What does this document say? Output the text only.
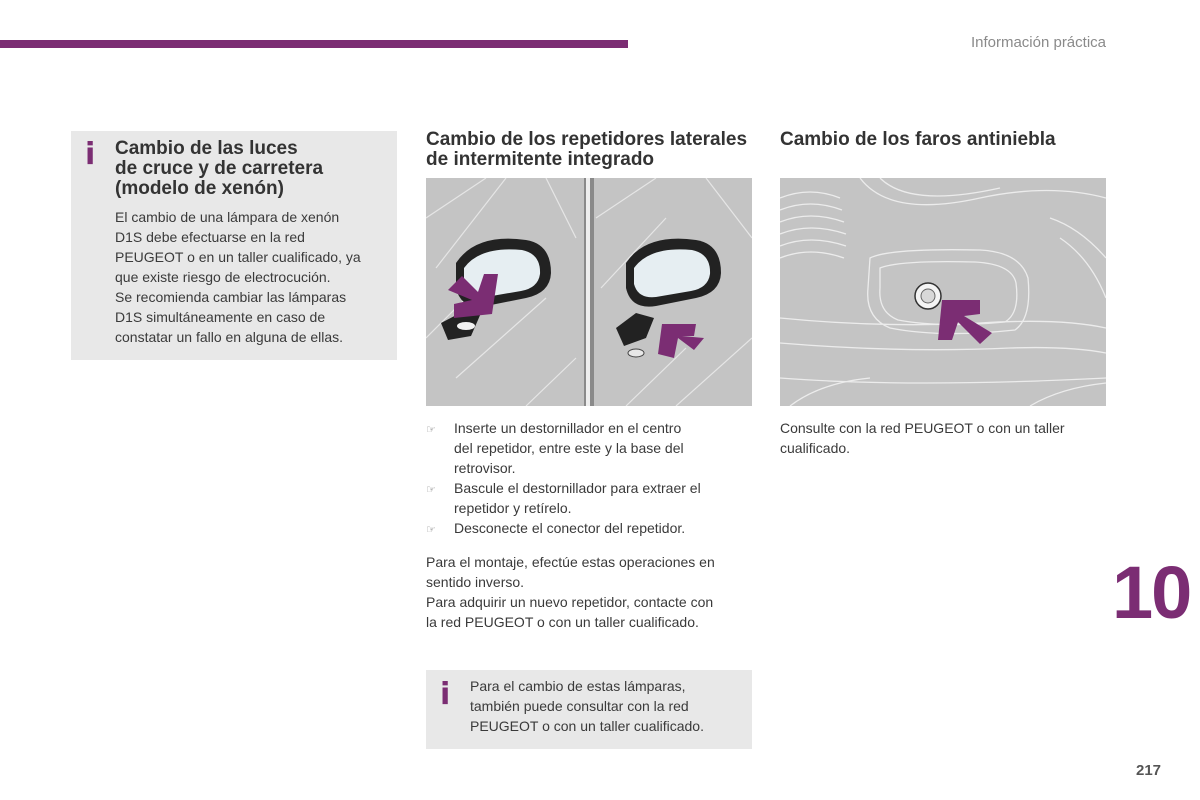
Información práctica
i Cambio de las luces
de cruce y de carretera
(modelo de xenón)
El cambio de una lámpara de xenón
D1S debe efectuarse en la red
PEUGEOT o en un taller cualificado, ya
que existe riesgo de electrocución.
Se recomienda cambiar las lámparas
D1S simultáneamente en caso de
constatar un fallo en alguna de ellas.
Cambio de los repetidores laterales
de intermitente integrado
☞ Inserte un destornillador en el centro
del repetidor, entre este y la base del
retrovisor.
☞ Bascule el destornillador para extraer el
repetidor y retírelo.
☞ Desconecte el conector del repetidor.
Para el montaje, efectúe estas operaciones en
sentido inverso.
Para adquirir un nuevo repetidor, contacte con
la red PEUGEOT o con un taller cualificado.
i Para el cambio de estas lámparas,
también puede consultar con la red
PEUGEOT o con un taller cualificado.
Cambio de los faros antiniebla
Consulte con la red PEUGEOT o con un taller
cualificado.
10
217
